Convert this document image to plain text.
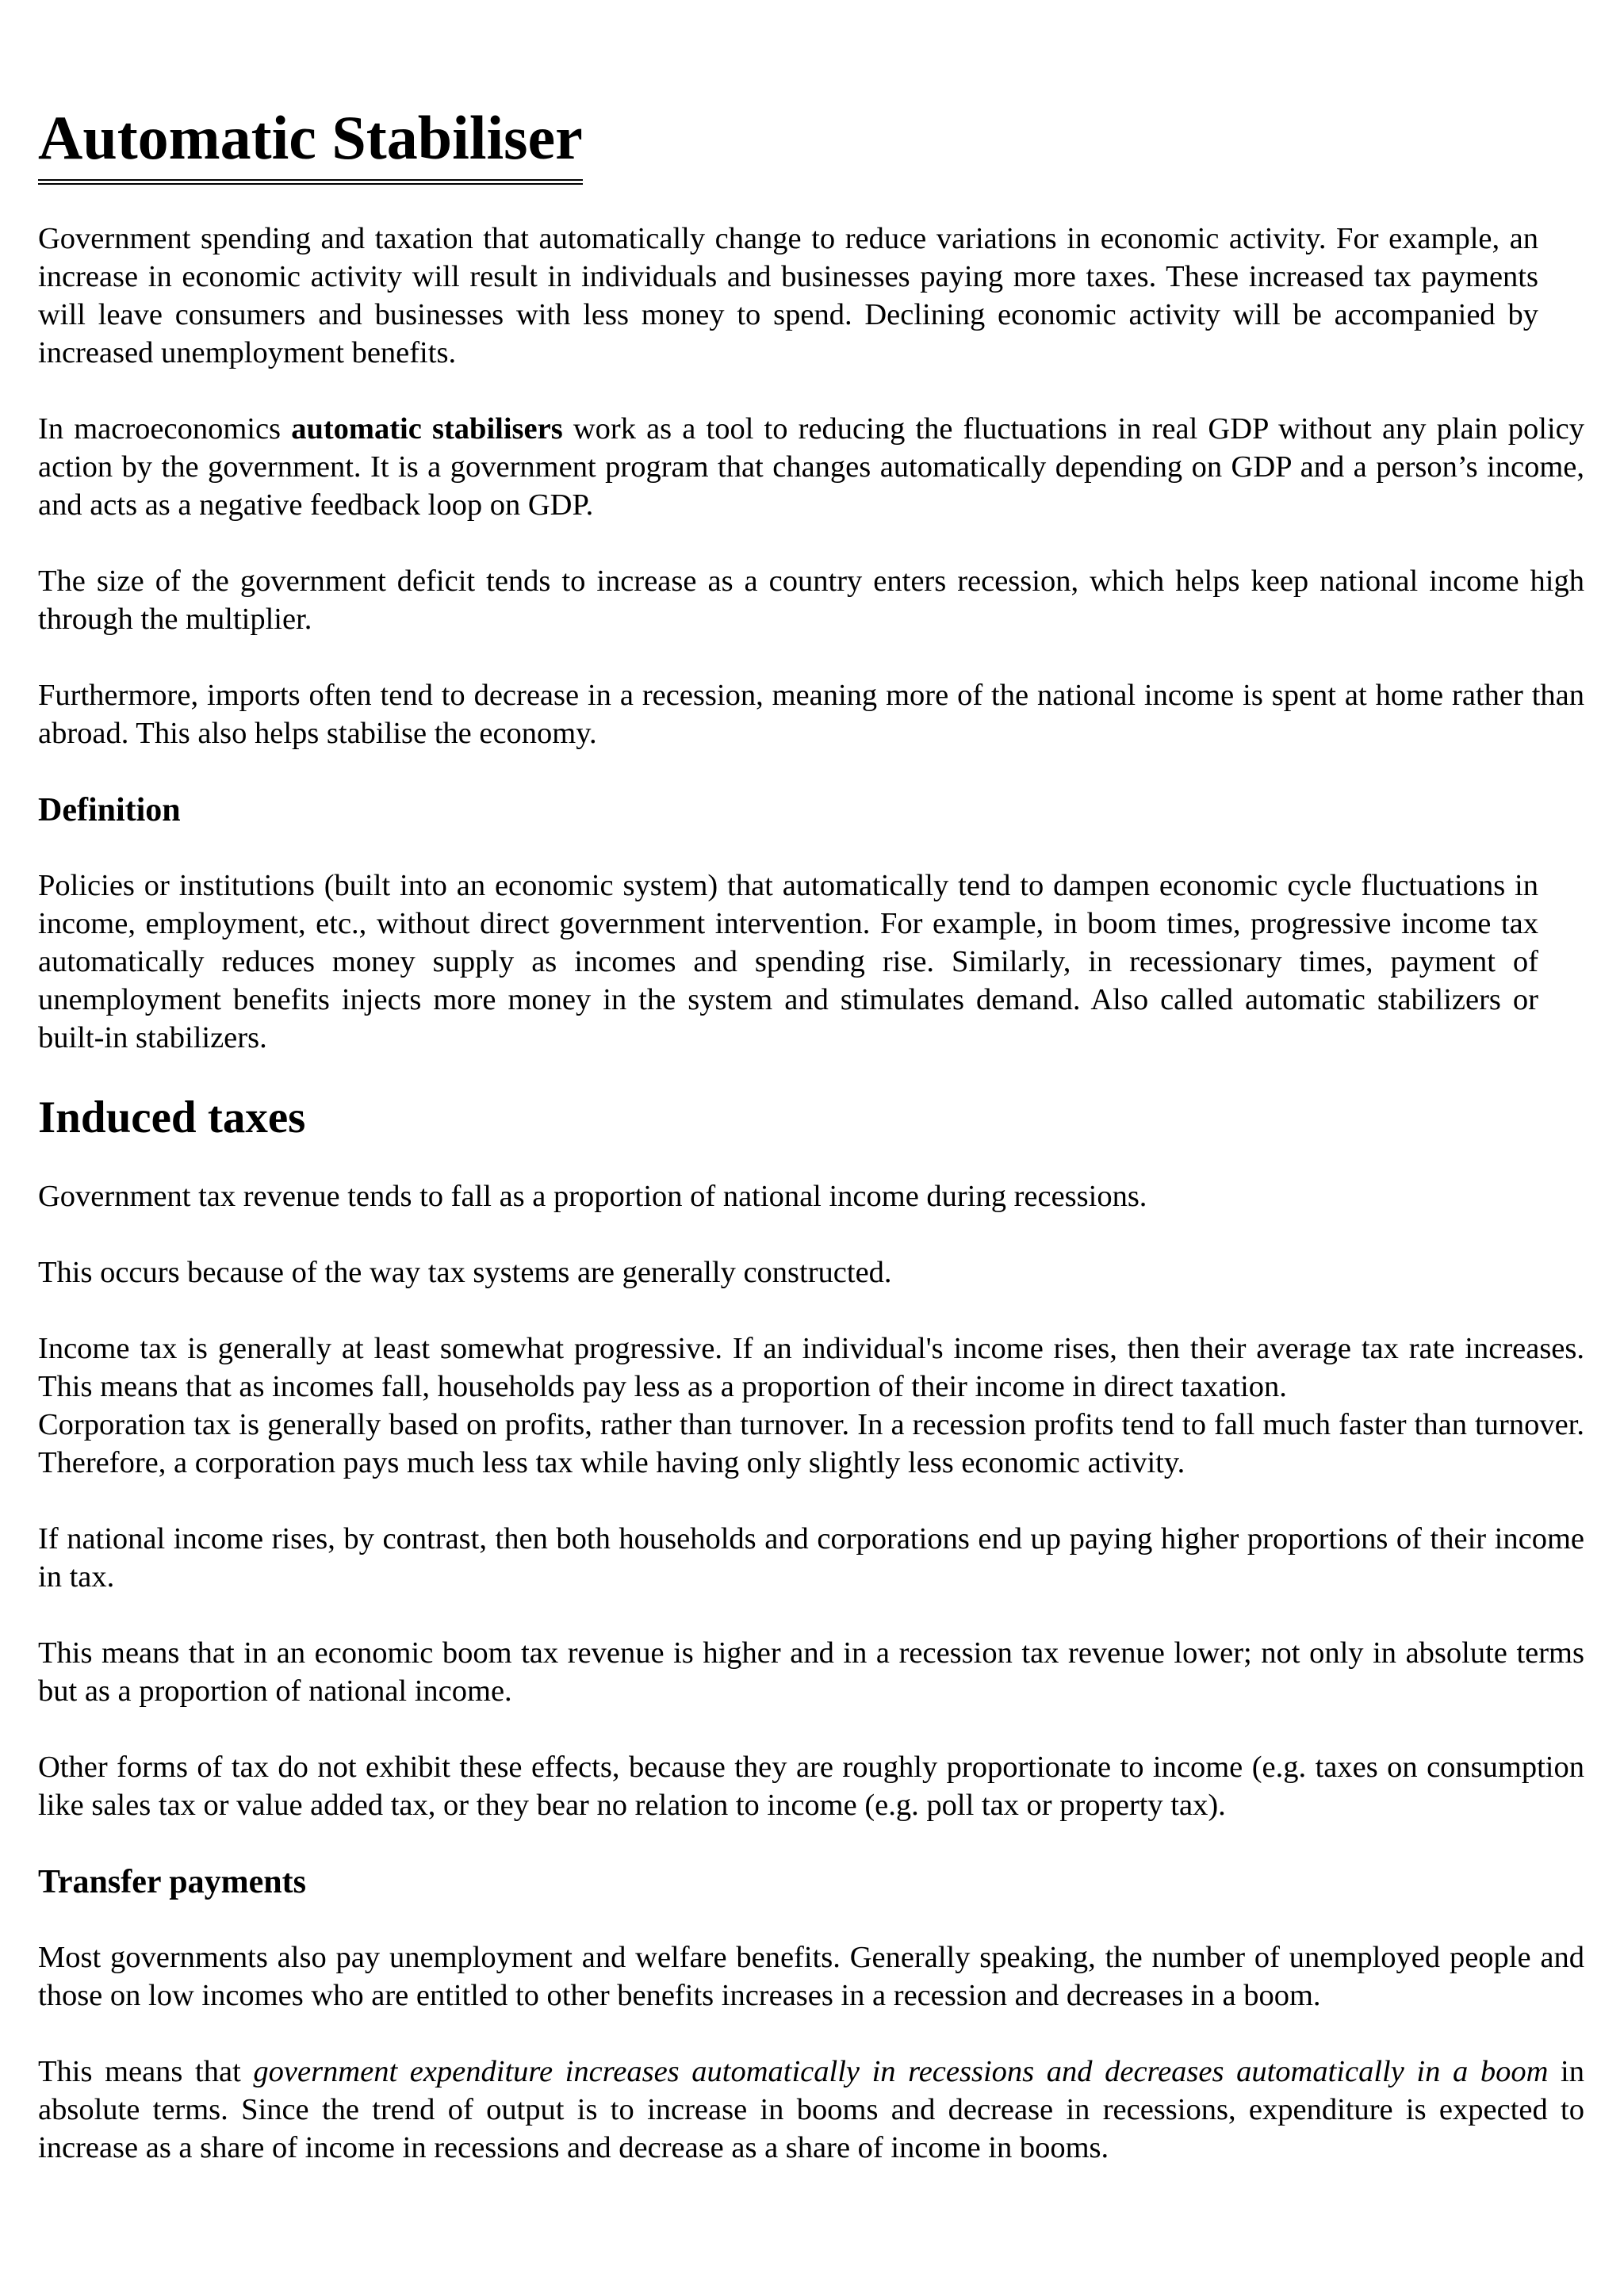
Automatic Stabiliser

Government spending and taxation that automatically change to reduce variations in economic activity. For example, an increase in economic activity will result in individuals and businesses paying more taxes. These increased tax payments will leave consumers and businesses with less money to spend. Declining economic activity will be accompanied by increased unemployment benefits.

In macroeconomics automatic stabilisers work as a tool to reducing the fluctuations in real GDP without any plain policy action by the government. It is a government program that changes automatically depending on GDP and a person’s income, and acts as a negative feedback loop on GDP.

The size of the government deficit tends to increase as a country enters recession, which helps keep national income high through the multiplier.

Furthermore, imports often tend to decrease in a recession, meaning more of the national income is spent at home rather than abroad. This also helps stabilise the economy.

Definition

Policies or institutions (built into an economic system) that automatically tend to dampen economic cycle fluctuations in income, employment, etc., without direct government intervention. For example, in boom times, progressive income tax automatically reduces money supply as incomes and spending rise. Similarly, in recessionary times, payment of unemployment benefits injects more money in the system and stimulates demand. Also called automatic stabilizers or built-in stabilizers.

Induced taxes

Government tax revenue tends to fall as a proportion of national income during recessions.

This occurs because of the way tax systems are generally constructed.

Income tax is generally at least somewhat progressive. If an individual's income rises, then their average tax rate increases. This means that as incomes fall, households pay less as a proportion of their income in direct taxation.

Corporation tax is generally based on profits, rather than turnover. In a recession profits tend to fall much faster than turnover. Therefore, a corporation pays much less tax while having only slightly less economic activity.

If national income rises, by contrast, then both households and corporations end up paying higher proportions of their income in tax.

This means that in an economic boom tax revenue is higher and in a recession tax revenue lower; not only in absolute terms but as a proportion of national income.

Other forms of tax do not exhibit these effects, because they are roughly proportionate to income (e.g. taxes on consumption like sales tax or value added tax, or they bear no relation to income (e.g. poll tax or property tax).

Transfer payments

Most governments also pay unemployment and welfare benefits. Generally speaking, the number of unemployed people and those on low incomes who are entitled to other benefits increases in a recession and decreases in a boom.

This means that government expenditure increases automatically in recessions and decreases automatically in a boom in absolute terms. Since the trend of output is to increase in booms and decrease in recessions, expenditure is expected to increase as a share of income in recessions and decrease as a share of income in booms.
